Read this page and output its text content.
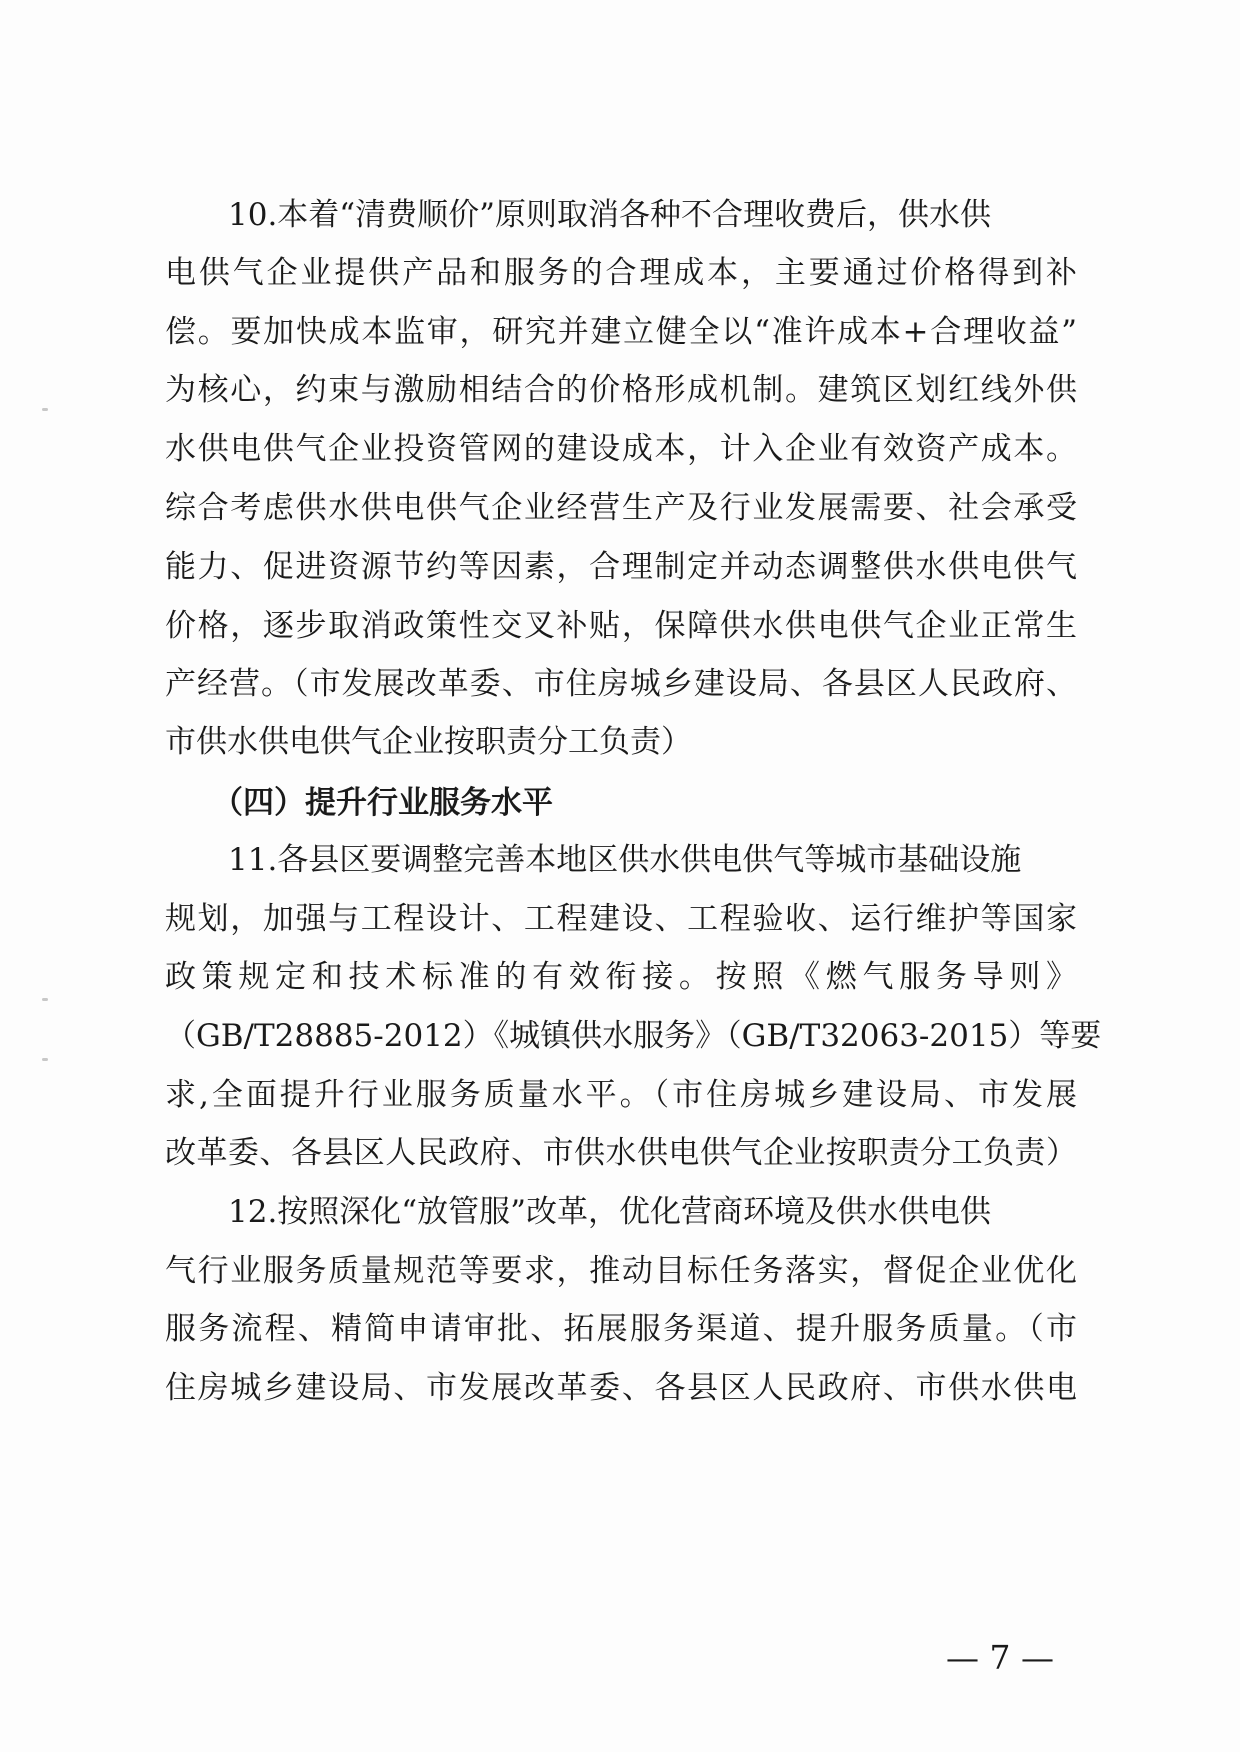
10.本着“清费顺价”原则取消各种不合理收费后，供水供
电供气企业提供产品和服务的合理成本，主要通过价格得到补
偿。要加快成本监审，研究并建立健全以“准许成本+合理收益”
为核心，约束与激励相结合的价格形成机制。建筑区划红线外供
水供电供气企业投资管网的建设成本，计入企业有效资产成本。
综合考虑供水供电供气企业经营生产及行业发展需要、社会承受
能力、促进资源节约等因素，合理制定并动态调整供水供电供气
价格，逐步取消政策性交叉补贴，保障供水供电供气企业正常生
产经营。（市发展改革委、市住房城乡建设局、各县区人民政府、
市供水供电供气企业按职责分工负责）
（四）提升行业服务水平
11.各县区要调整完善本地区供水供电供气等城市基础设施
规划，加强与工程设计、工程建设、工程验收、运行维护等国家
政策规定和技术标准的有效衔接。按照《燃气服务导则》
（GB/T28885-2012）《城镇供水服务》（GB/T32063-2015）等要
求,全面提升行业服务质量水平。（市住房城乡建设局、市发展
改革委、各县区人民政府、市供水供电供气企业按职责分工负责）
12.按照深化“放管服”改革，优化营商环境及供水供电供
气行业服务质量规范等要求，推动目标任务落实，督促企业优化
服务流程、精简申请审批、拓展服务渠道、提升服务质量。（市
住房城乡建设局、市发展改革委、各县区人民政府、市供水供电
— 7 —
